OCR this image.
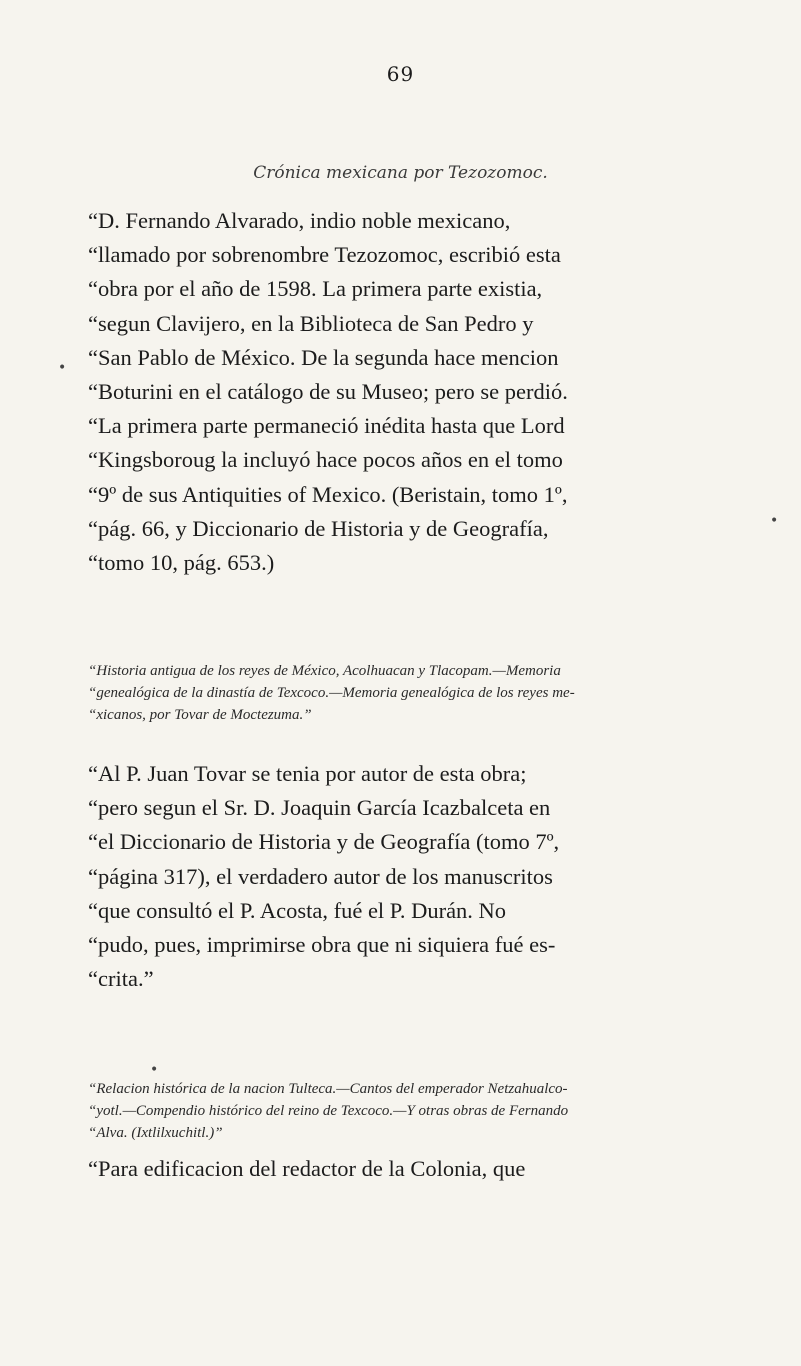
69
Crónica mexicana por Tezozomoc.
“D. Fernando Alvarado, indio noble mexicano,
“llamado por sobrenombre Tezozomoc, escribió esta
“obra por el año de 1598. La primera parte existia,
“segun Clavijero, en la Biblioteca de San Pedro y
“San Pablo de México. De la segunda hace mencion
“Boturini en el catálogo de su Museo; pero se perdió.
“La primera parte permaneció inédita hasta que Lord
“Kingsboroug la incluyó hace pocos años en el tomo
“9º de sus Antiquities of Mexico. (Beristain, tomo 1º,
“pág. 66, y Diccionario de Historia y de Geografía,
“tomo 10, pág. 653.)
“Historia antigua de los reyes de México, Acolhuacan y Tlacopam.—Memoria
“genealógica de la dinastía de Texcoco.—Memoria genealógica de los reyes me-
“xicanos, por Tovar de Moctezuma.”
“Al P. Juan Tovar se tenia por autor de esta obra;
“pero segun el Sr. D. Joaquin García Icazbalceta en
“el Diccionario de Historia y de Geografía (tomo 7º,
“página 317), el verdadero autor de los manuscritos
“que consultó el P. Acosta, fué el P. Durán. No
“pudo, pues, imprimirse obra que ni siquiera fué es-
“crita.”
“Relacion histórica de la nacion Tulteca.—Cantos del emperador Netzahualco-
“yotl.—Compendio histórico del reino de Texcoco.—Y otras obras de Fernando
“Alva. (Ixtlilxuchitl.)”
“Para edificacion del redactor de la Colonia, que
•
•
•
